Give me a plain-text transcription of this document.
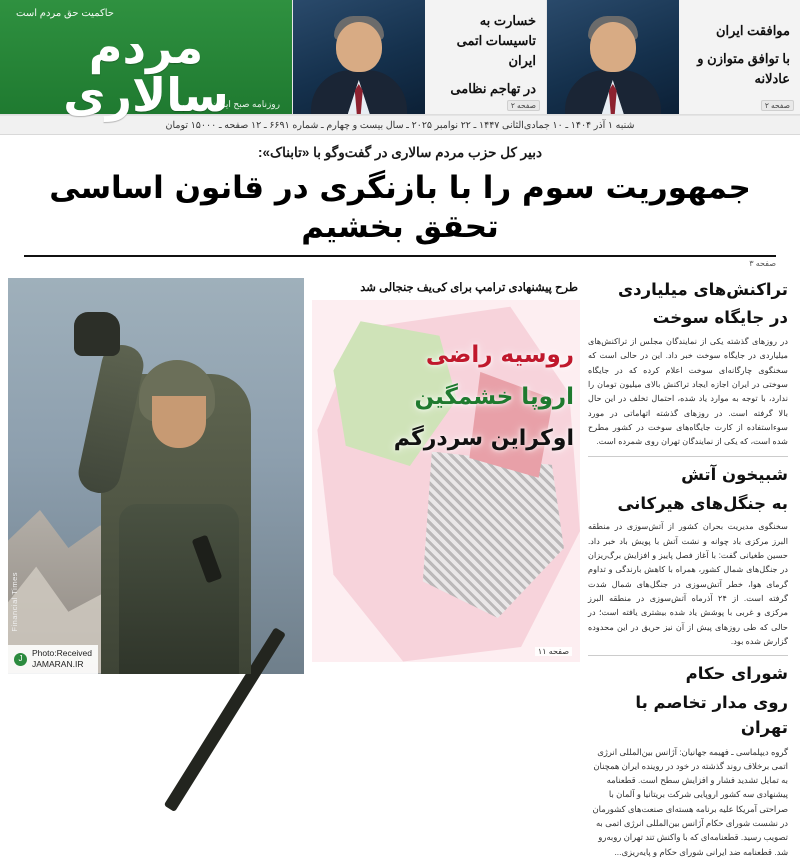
موافقت ایران
با توافق متوازن و عادلانه
صفحه ۲
خسارت به تاسیسات اتمی ایران
در تهاجم نظامی
صفحه ۲
حاکمیت حق مردم است
مردم سالاری
روزنامه صبح ایران
شنبه ۱ آذر ۱۴۰۴ ـ ۱۰ جمادی‌الثانی ۱۴۴۷ ـ ۲۲ نوامبر ۲۰۲۵ ـ سال بیست و چهارم ـ شماره ۶۶۹۱ ـ ۱۲ صفحه ـ ۱۵۰۰۰ تومان
دبیر کل حزب مردم سالاری در گفت‌وگو با «تابناک»:
جمهوریت سوم را با بازنگری در قانون اساسی تحقق بخشیم
صفحه ۳
تراکنش‌های میلیاردی
در جایگاه سوخت
در روزهای گذشته یکی از نمایندگان مجلس از تراکنش‌های میلیاردی در جایگاه سوخت خبر داد. این در حالی است که سخنگوی چارگانه‌ای سوخت اعلام کرده که در جایگاه سوختی در ایران اجازه ایجاد تراکنش بالای میلیون تومان را ندارد، با توجه به موارد یاد شده، احتمال تخلف در این حال بالا گرفته است. در روزهای گذشته اتهاماتی در مورد سوء‌استفاده از کارت جایگاه‌های سوخت در کشور مطرح شده است، که یکی از نمایندگان تهران روی شمرده است.
شبیخون آتش
به جنگل‌های هیرکانی
سخنگوی مدیریت بحران کشور از آتش‌سوزی در منطقه البرز مرکزی باد چوانه و نشت آتش با پویش باد خبر داد. حسین طغیانی گفت: با آغاز فصل پاییز و افزایش برگ‌ریزان در جنگل‌های شمال کشور، همراه با کاهش بارندگی و تداوم گرمای هوا، خطر آتش‌سوزی در جنگل‌های شمال شدت گرفته است. از ۲۴ آذرماه آتش‌سوزی در منطقه البرز مرکزی و غربی با پوشش یاد شده بیشتری یافته است؛ در حالی که طی روزهای پیش از آن نیز حریق در این محدوده گزارش شده بود.
شورای حکام
روی مدار تخاصم با تهران
گروه دیپلماسی ـ فهیمه جهانیان: آژانس بین‌المللی انرژی اتمی برخلاف روند گذشته در خود در روینده ایران همچنان به تمایل تشدید فشار و افزایش سطح است. قطعنامه پیشنهادی سه کشور اروپایی شرکت بریتانیا و آلمان با صراحتی آمریکا علیه برنامه هسته‌ای صنعت‌های کشورمان در نشست شورای حکام آژانس بین‌المللی انرژی اتمی به تصویب رسید. قطعنامه‌ای که با واکنش تند تهران روبه‌رو شد. قطعنامه ضد ایرانی شورای حکام و پایه‌ریزی...
طرح پیشنهادی ترامپ برای کی‌یف جنجالی شد
روسیه راضی
اروپا خشمگین
اوکراین سردرگم
صفحه ۱۱
Financial Times
J
Photo:Received
JAMARAN.IR
